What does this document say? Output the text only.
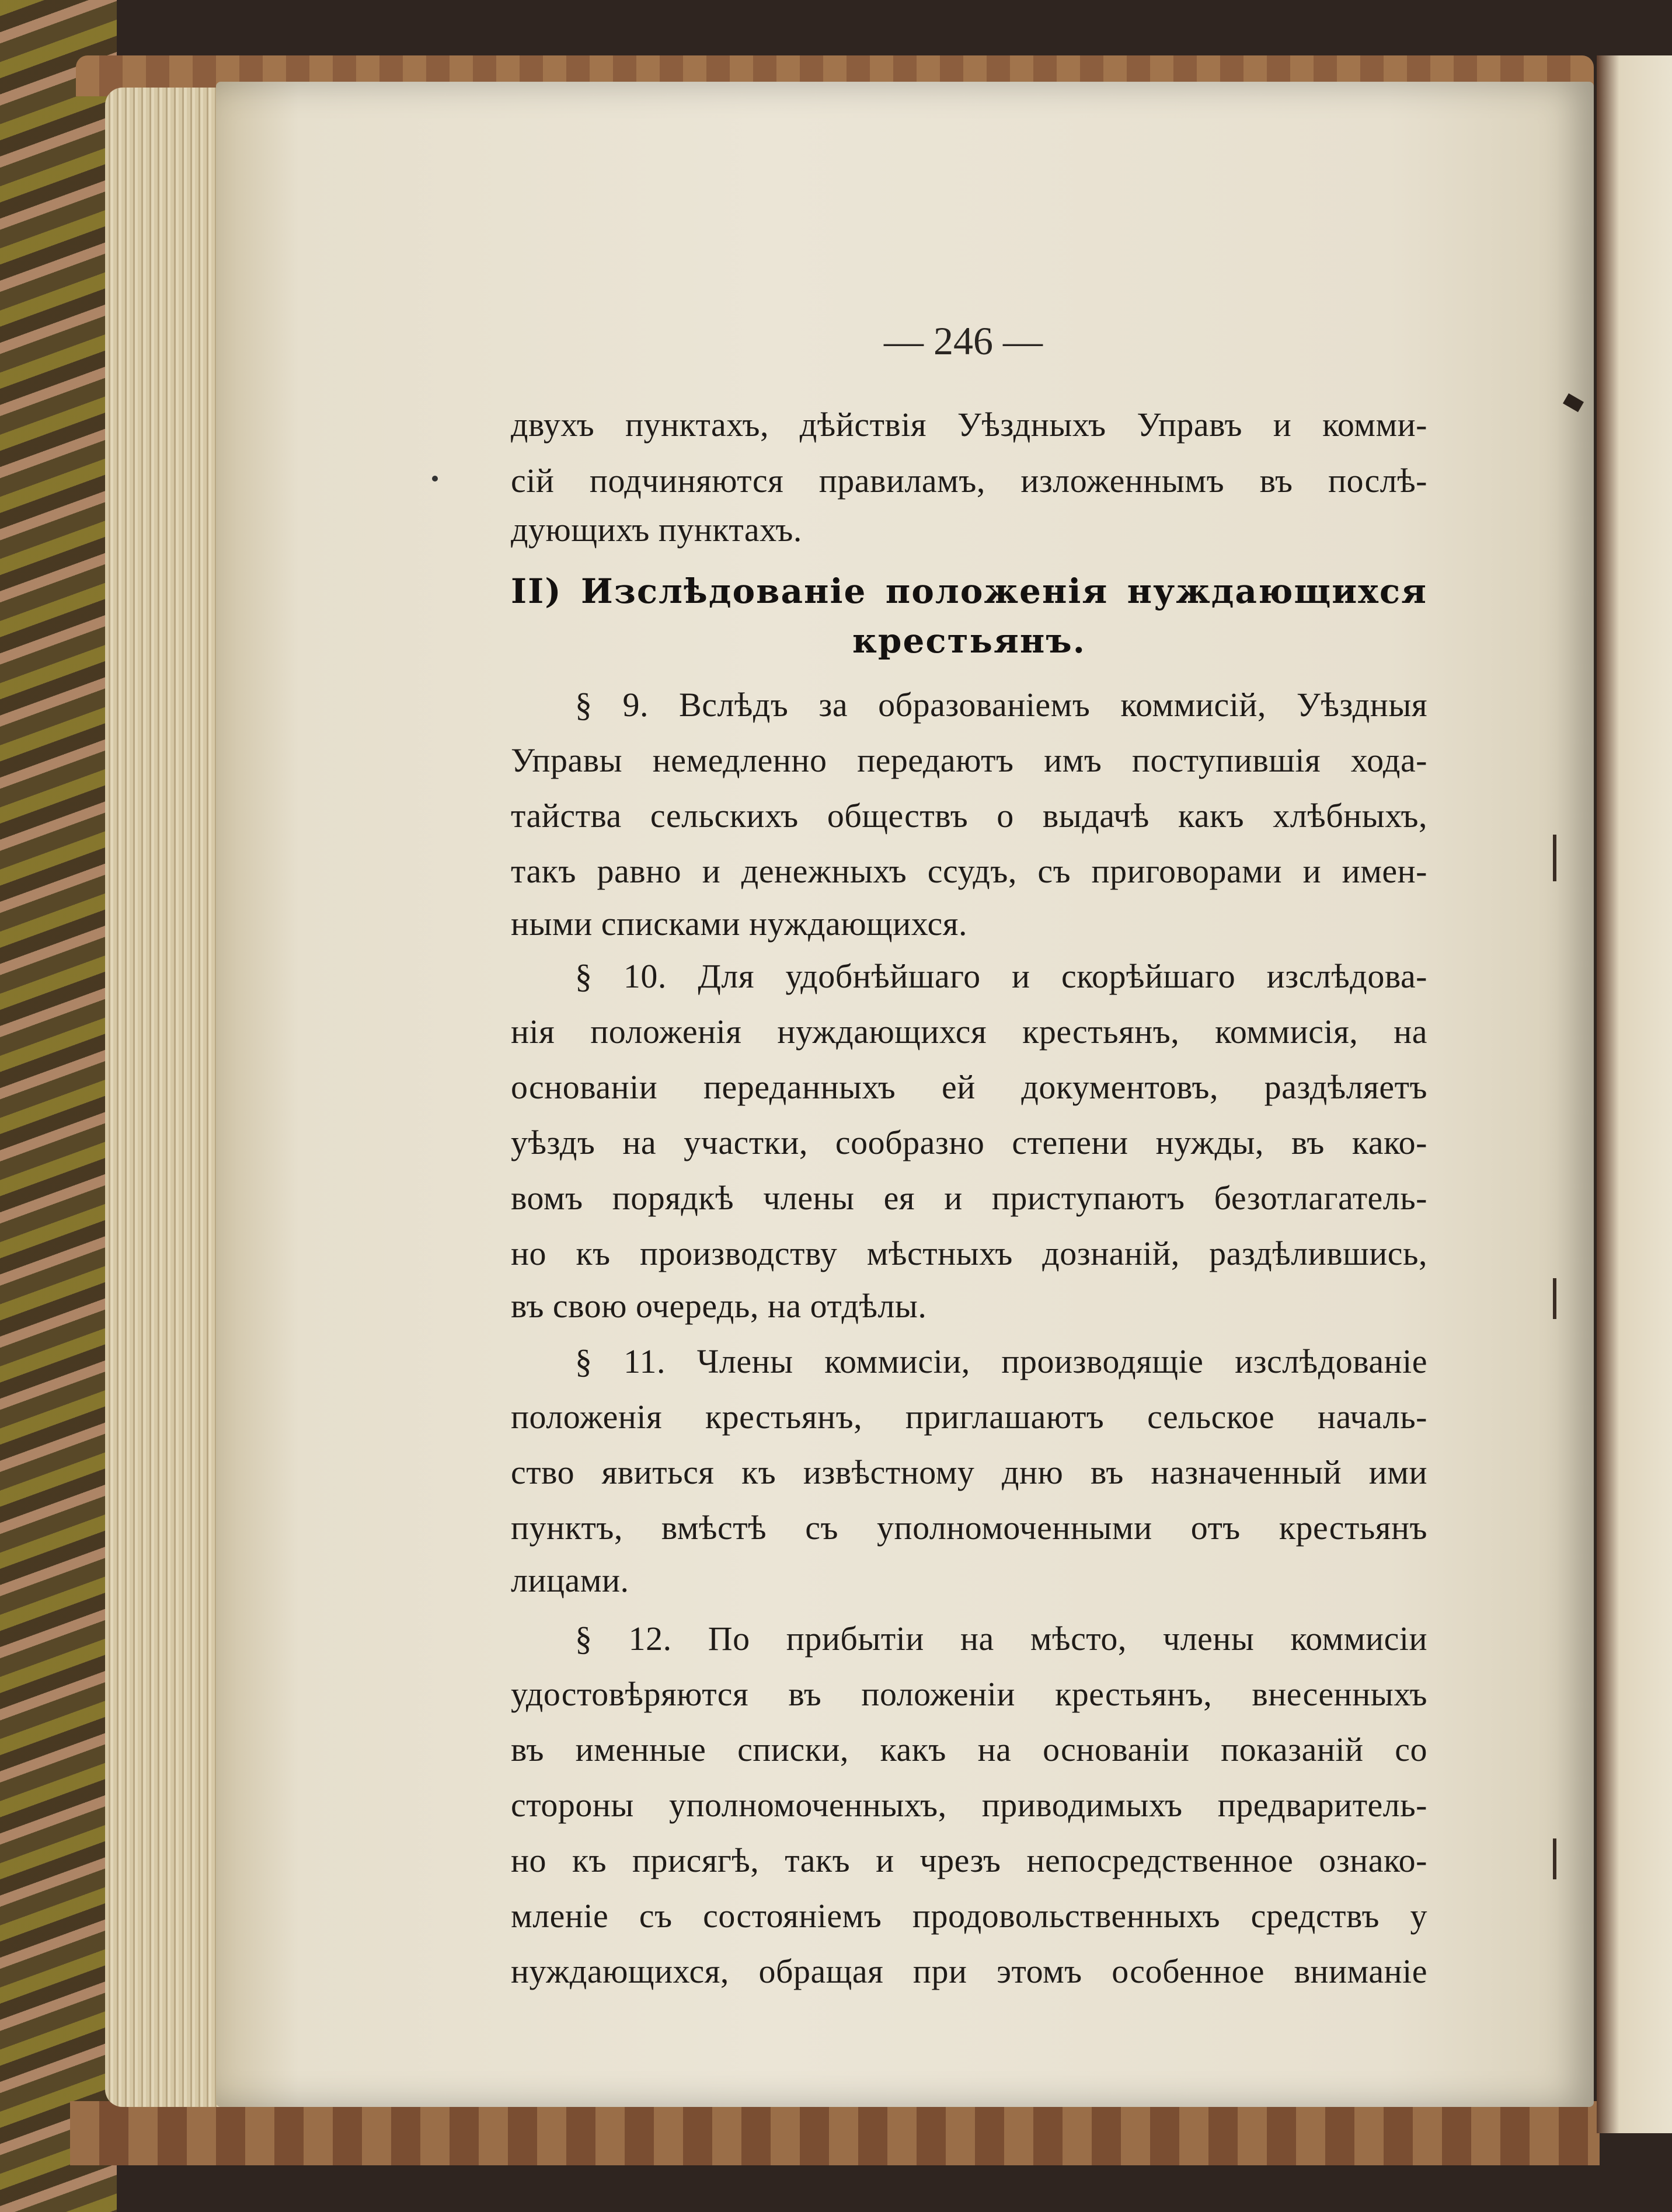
— 246 —
двухъ пунктахъ, дѣйствія Уѣздныхъ Управъ и комми-
сій подчиняются правиламъ, изложеннымъ въ послѣ-
дующихъ пунктахъ.
II) Изслѣдованіе положенія нуждающихся
крестьянъ.
§ 9. Вслѣдъ за образованіемъ коммисій, Уѣздныя
Управы немедленно передаютъ имъ поступившія хода-
тайства сельскихъ обществъ о выдачѣ какъ хлѣбныхъ,
такъ равно и денежныхъ ссудъ, съ приговорами и имен-
ными списками нуждающихся.
§ 10. Для удобнѣйшаго и скорѣйшаго изслѣдова-
нія положенія нуждающихся крестьянъ, коммисія, на
основаніи переданныхъ ей документовъ, раздѣляетъ
уѣздъ на участки, сообразно степени нужды, въ како-
вомъ порядкѣ члены ея и приступаютъ безотлагатель-
но къ производству мѣстныхъ дознаній, раздѣлившись,
въ свою очередь, на отдѣлы.
§ 11. Члены коммисіи, производящіе изслѣдованіе
положенія крестьянъ, приглашаютъ сельское началь-
ство явиться къ извѣстному дню въ назначенный ими
пунктъ, вмѣстѣ съ уполномоченными отъ крестьянъ
лицами.
§ 12. По прибытіи на мѣсто, члены коммисіи
удостовѣряются въ положеніи крестьянъ, внесенныхъ
въ именные списки, какъ на основаніи показаній со
стороны уполномоченныхъ, приводимыхъ предваритель-
но къ присягѣ, такъ и чрезъ непосредственное ознако-
мленіе съ состояніемъ продовольственныхъ средствъ у
нуждающихся, обращая при этомъ особенное вниманіе
